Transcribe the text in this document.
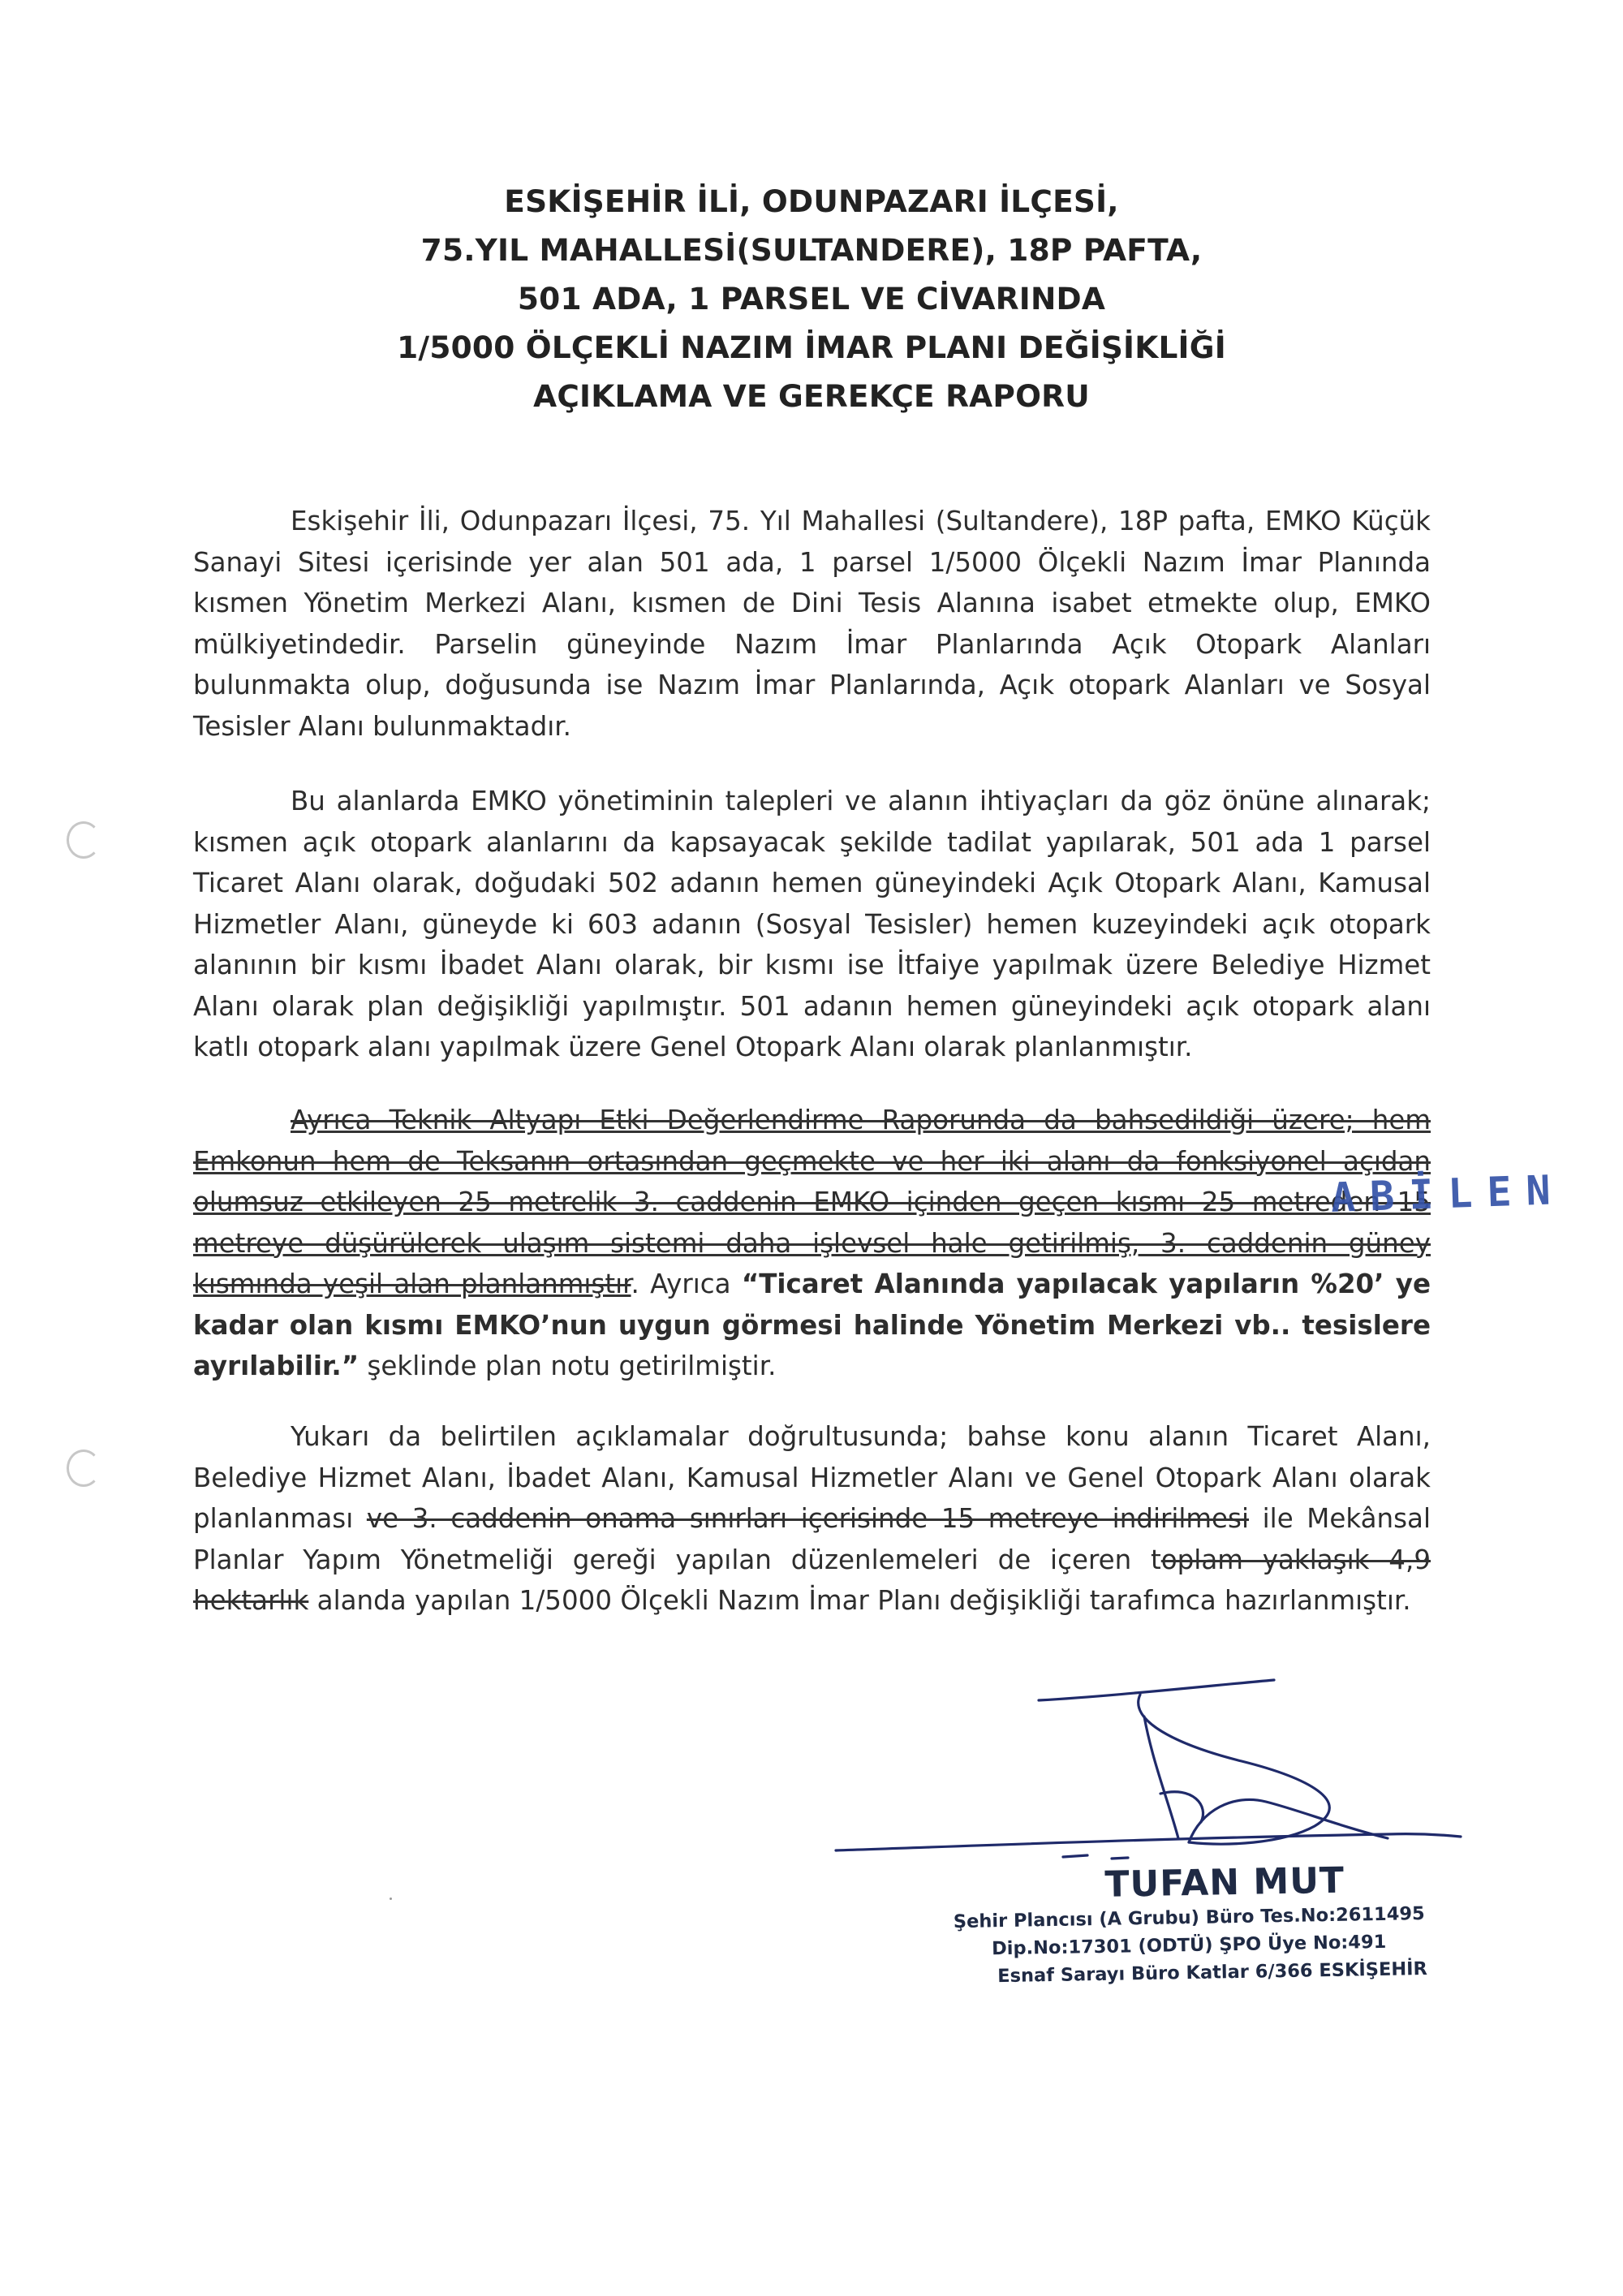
ESKİŞEHİR İLİ, ODUNPAZARI İLÇESİ,
75.YIL MAHALLESİ(SULTANDERE), 18P PAFTA,
501 ADA, 1 PARSEL VE CİVARINDA
1/5000 ÖLÇEKLİ NAZIM İMAR PLANI DEĞİŞİKLİĞİ
AÇIKLAMA VE GEREKÇE RAPORU
Eskişehir İli, Odunpazarı İlçesi, 75. Yıl Mahallesi (Sultandere), 18P pafta, EMKO Küçük Sanayi Sitesi içerisinde yer alan 501 ada, 1 parsel 1/5000 Ölçekli Nazım İmar Planında kısmen Yönetim Merkezi Alanı, kısmen de Dini Tesis Alanına isabet etmekte olup, EMKO mülkiyetindedir. Parselin güneyinde Nazım İmar Planlarında Açık Otopark Alanları bulunmakta olup, doğusunda ise Nazım İmar Planlarında, Açık otopark Alanları ve Sosyal Tesisler Alanı bulunmaktadır.
Bu alanlarda EMKO yönetiminin talepleri ve alanın ihtiyaçları da göz önüne alınarak; kısmen açık otopark alanlarını da kapsayacak şekilde tadilat yapılarak, 501 ada 1 parsel Ticaret Alanı olarak, doğudaki 502 adanın hemen güneyindeki Açık Otopark Alanı, Kamusal Hizmetler Alanı, güneyde ki 603 adanın (Sosyal Tesisler) hemen kuzeyindeki açık otopark alanının bir kısmı İbadet Alanı olarak, bir kısmı ise İtfaiye yapılmak üzere Belediye Hizmet Alanı olarak plan değişikliği yapılmıştır. 501 adanın hemen güneyindeki açık otopark alanı katlı otopark alanı yapılmak üzere Genel Otopark Alanı olarak planlanmıştır.
Ayrıca Teknik Altyapı Etki Değerlendirme Raporunda da bahsedildiği üzere; hem Emkonun hem de Teksanın ortasından geçmekte ve her iki alanı da fonksiyonel açıdan olumsuz etkileyen 25 metrelik 3. caddenin EMKO içinden geçen kısmı 25 metreden 15 metreye düşürülerek ulaşım sistemi daha işlevsel hale getirilmiş, 3. caddenin güney kısmında yeşil alan planlanmıştır. Ayrıca “Ticaret Alanında yapılacak yapıların %20’ ye kadar olan kısmı EMKO’nun uygun görmesi halinde Yönetim Merkezi vb.. tesislere ayrılabilir.” şeklinde plan notu getirilmiştir.
Yukarı da belirtilen açıklamalar doğrultusunda; bahse konu alanın Ticaret Alanı, Belediye Hizmet Alanı, İbadet Alanı, Kamusal Hizmetler Alanı ve Genel Otopark Alanı olarak planlanması ve 3. caddenin onama sınırları içerisinde 15 metreye indirilmesi ile Mekânsal Planlar Yapım Yönetmeliği gereği yapılan düzenlemeleri de içeren toplam yaklaşık 4,9 hektarlık alanda yapılan 1/5000 Ölçekli Nazım İmar Planı değişikliği tarafımca hazırlanmıştır.
ABİLEN
TUFAN MUT
Şehir Plancısı (A Grubu) Büro Tes.No:2611495
Dip.No:17301 (ODTÜ) ŞPO Üye No:491
Esnaf Sarayı Büro Katlar 6/366 ESKİŞEHİR
